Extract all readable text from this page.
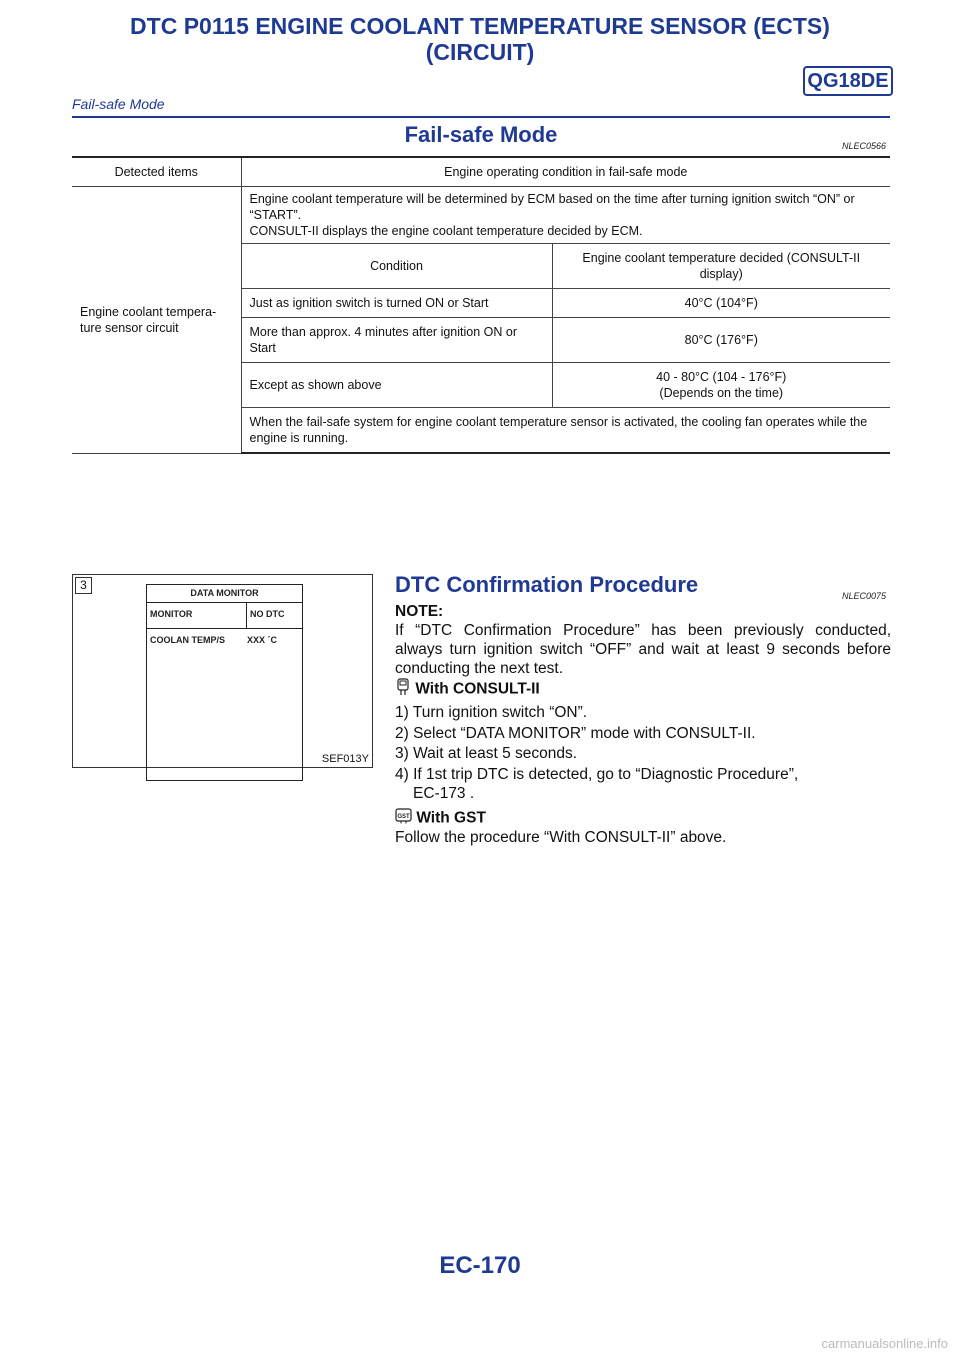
DTC P0115 ENGINE COOLANT TEMPERATURE SENSOR (ECTS)
(CIRCUIT)
QG18DE
Fail-safe Mode
Fail-safe Mode	NLEC0566
Detected items	Engine operating condition in fail-safe mode	
Engine coolant tempera-
ture sensor circuit	Engine coolant temperature will be determined by ECM based on the time after turning ignition switch “ON” or “START”.
CONSULT-II displays the engine coolant temperature decided by ECM.	
	Condition	Engine coolant temperature decided (CONSULT-II display)
	Just as ignition switch is turned ON or Start	40°C (104°F)
	More than approx. 4 minutes after ignition ON or Start	80°C (176°F)
	Except as shown above	40 - 80°C (104 - 176°F)
(Depends on the time)
	When the fail-safe system for engine coolant temperature sensor is activated, the cooling fan operates while the engine is running.	
3
DATA MONITOR
MONITOR	NO DTC
COOLAN TEMP/S XXX ´C
SEF013Y
DTC Confirmation Procedure	NLEC0075
NOTE:
If “DTC Confirmation Procedure” has been previously conducted, always turn ignition switch “OFF” and wait at least 9 seconds before conducting the next test.
With CONSULT-II
1) Turn ignition switch “ON”.
2) Select “DATA MONITOR” mode with CONSULT-II.
3) Wait at least 5 seconds.
4) If 1st trip DTC is detected, go to “Diagnostic Procedure”,
EC-173 .
GST With GST
Follow the procedure “With CONSULT-II” above.
EC-170
carmanualsonline.info
